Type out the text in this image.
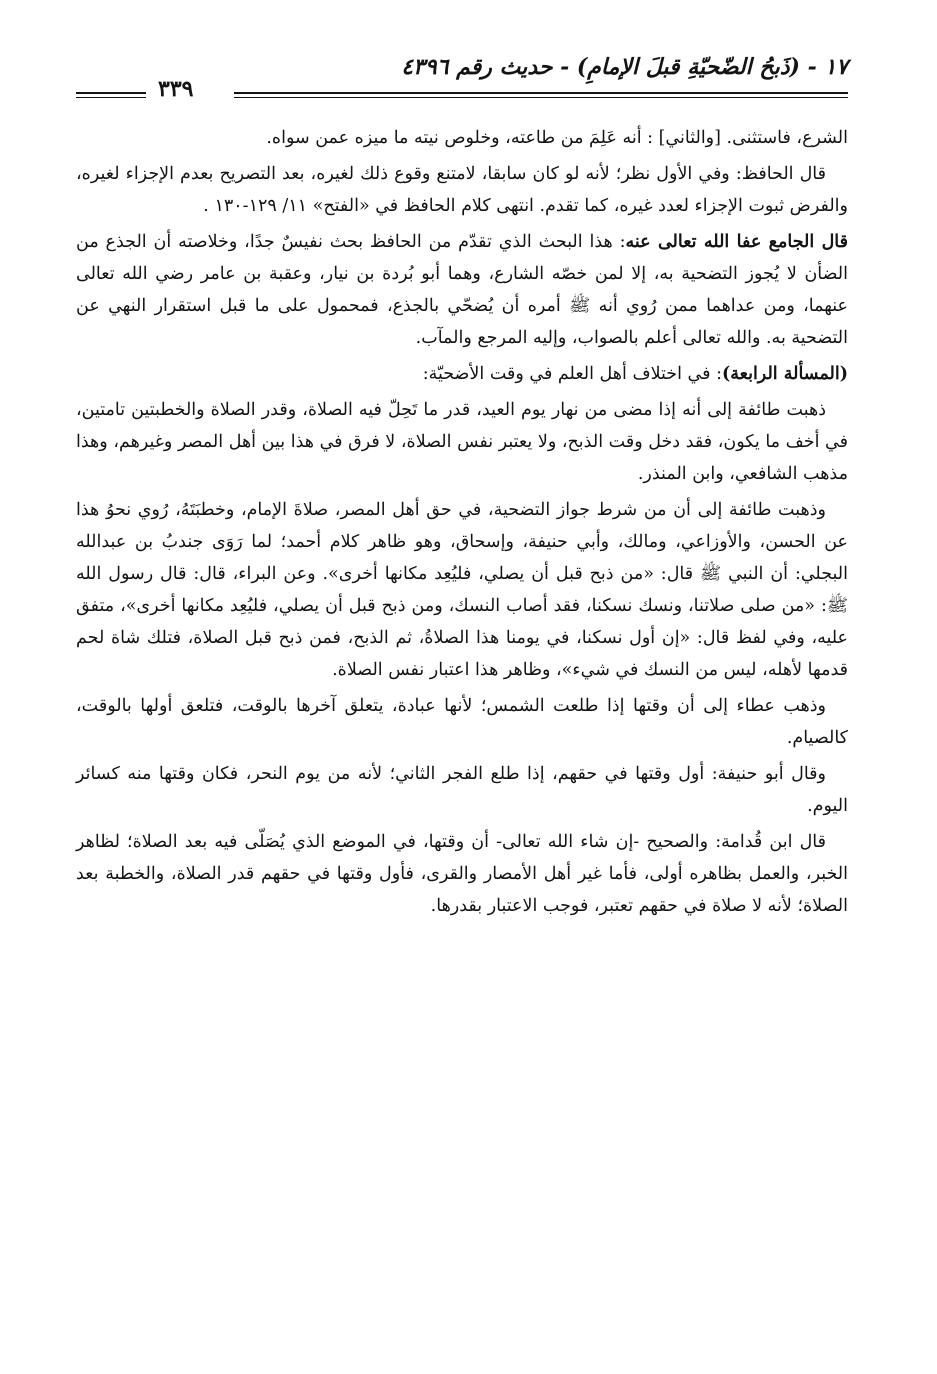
١٧ - (ذَبحُ الضّحيّةِ قبلَ الإمامِ) - حديث رقم ٤٣٩٦
٣٣٩

الشرع، فاستثنى. [والثاني] : أنه عَلِمَ من طاعته، وخلوص نيته ما ميزه عمن سواه.

قال الحافظ: وفي الأول نظر؛ لأنه لو كان سابقا، لامتنع وقوع ذلك لغيره، بعد التصريح بعدم الإجزاء لغيره، والفرض ثبوت الإجزاء لعدد غيره، كما تقدم. انتهى كلام الحافظ في «الفتح» ١١/ ١٢٩-١٣٠ .

قال الجامع عفا الله تعالى عنه: هذا البحث الذي تقدّم من الحافظ بحث نفيسٌ جدًا، وخلاصته أن الجذع من الضأن لا يُجوز التضحية به، إلا لمن خصّه الشارع، وهما أبو بُردة بن نيار، وعقبة بن عامر رضي الله تعالى عنهما، ومن عداهما ممن رُوي أنه ﷺ أمره أن يُضحّي بالجذع، فمحمول على ما قبل استقرار النهي عن التضحية به. والله تعالى أعلم بالصواب، وإليه المرجع والمآب.

(المسألة الرابعة): في اختلاف أهل العلم في وقت الأضحيّة:

ذهبت طائفة إلى أنه إذا مضى من نهار يوم العيد، قدر ما تَحِلّ فيه الصلاة، وقدر الصلاة والخطبتين تامتين، في أخف ما يكون، فقد دخل وقت الذبح، ولا يعتبر نفس الصلاة، لا فرق في هذا بين أهل المصر وغيرهم، وهذا مذهب الشافعي، وابن المنذر.

وذهبت طائفة إلى أن من شرط جواز التضحية، في حق أهل المصر، صلاةَ الإمام، وخطبَتَهُ، رُوي نحوُ هذا عن الحسن، والأوزاعي، ومالك، وأبي حنيفة، وإسحاق، وهو ظاهر كلام أحمد؛ لما رَوَى جندبُ بن عبدالله البجلي: أن النبي ﷺ قال: «من ذبح قبل أن يصلي، فليُعِد مكانها أخرى». وعن البراء، قال: قال رسول الله ﷺ: «من صلى صلاتنا، ونسك نسكنا، فقد أصاب النسك، ومن ذبح قبل أن يصلي، فليُعِد مكانها أخرى»، متفق عليه، وفي لفظ قال: «إن أول نسكنا، في يومنا هذا الصلاةُ، ثم الذبح، فمن ذبح قبل الصلاة، فتلك شاة لحم قدمها لأهله، ليس من النسك في شيء»، وظاهر هذا اعتبار نفس الصلاة.

وذهب عطاء إلى أن وقتها إذا طلعت الشمس؛ لأنها عبادة، يتعلق آخرها بالوقت، فتلعق أولها بالوقت، كالصيام.

وقال أبو حنيفة: أول وقتها في حقهم، إذا طلع الفجر الثاني؛ لأنه من يوم النحر، فكان وقتها منه كسائر اليوم.

قال ابن قُدامة: والصحيح -إن شاء الله تعالى- أن وقتها، في الموضع الذي يُصَلّى فيه بعد الصلاة؛ لظاهر الخبر، والعمل بظاهره أولى، فأما غير أهل الأمصار والقرى، فأول وقتها في حقهم قدر الصلاة، والخطبة بعد الصلاة؛ لأنه لا صلاة في حقهم تعتبر، فوجب الاعتبار بقدرها.
